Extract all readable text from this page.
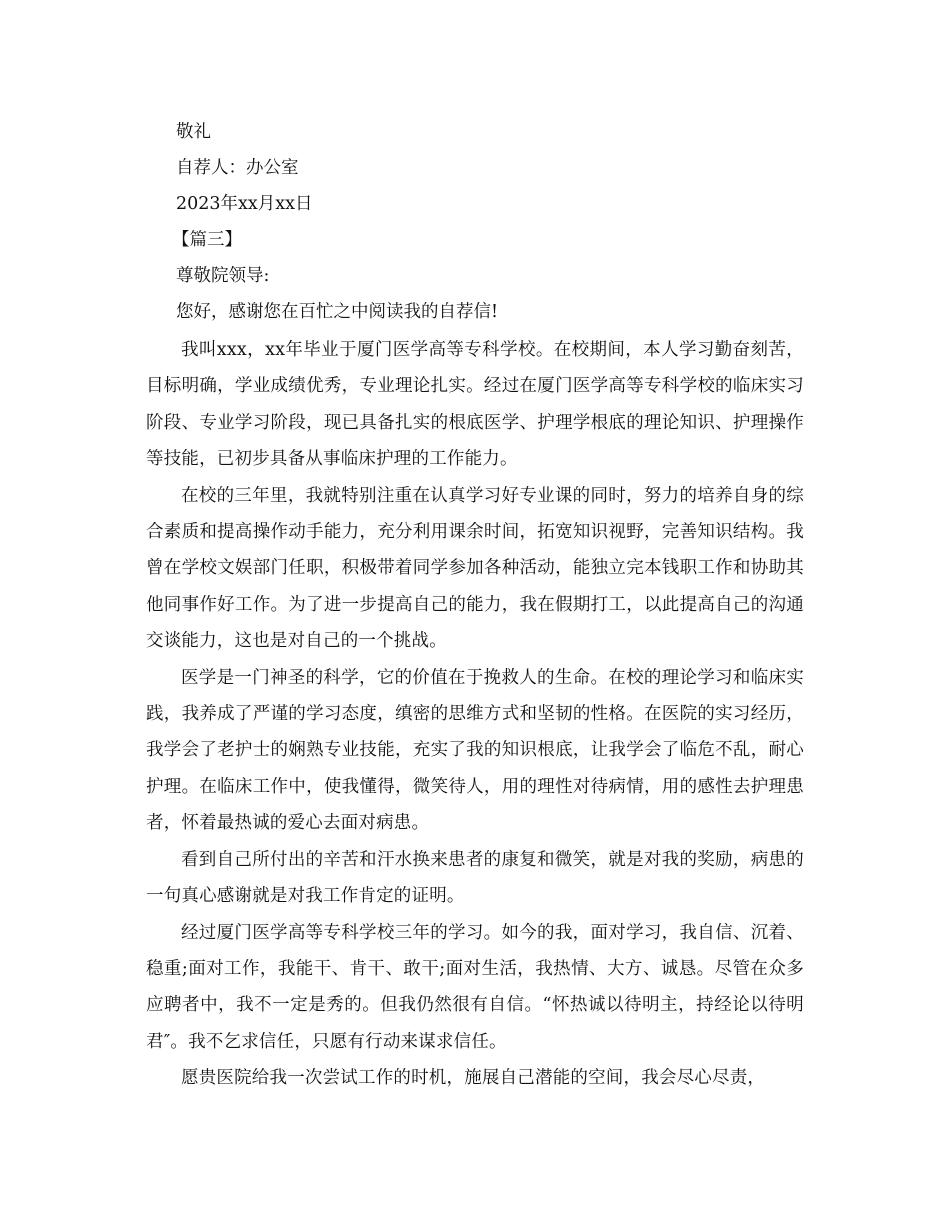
敬礼

自荐人：办公室

2023年xx月xx日

【篇三】

尊敬院领导:

您好，感谢您在百忙之中阅读我的自荐信!

我叫xxx，xx年毕业于厦门医学高等专科学校。在校期间，本人学习勤奋刻苦，目标明确，学业成绩优秀，专业理论扎实。经过在厦门医学高等专科学校的临床实习阶段、专业学习阶段，现已具备扎实的根底医学、护理学根底的理论知识、护理操作等技能，已初步具备从事临床护理的工作能力。

在校的三年里，我就特别注重在认真学习好专业课的同时，努力的培养自身的综合素质和提高操作动手能力，充分利用课余时间，拓宽知识视野，完善知识结构。我曾在学校文娱部门任职，积极带着同学参加各种活动，能独立完本钱职工作和协助其他同事作好工作。为了进一步提高自己的能力，我在假期打工，以此提高自己的沟通交谈能力，这也是对自己的一个挑战。

医学是一门神圣的科学，它的价值在于挽救人的生命。在校的理论学习和临床实践，我养成了严谨的学习态度，缜密的思维方式和坚韧的性格。在医院的实习经历，我学会了老护士的娴熟专业技能，充实了我的知识根底，让我学会了临危不乱，耐心护理。在临床工作中，使我懂得，微笑待人，用的理性对待病情，用的感性去护理患者，怀着最热诚的爱心去面对病患。

看到自己所付出的辛苦和汗水换来患者的康复和微笑，就是对我的奖励，病患的一句真心感谢就是对我工作肯定的证明。

经过厦门医学高等专科学校三年的学习。如今的我，面对学习，我自信、沉着、稳重;面对工作，我能干、肯干、敢干;面对生活，我热情、大方、诚恳。尽管在众多应聘者中，我不一定是秀的。但我仍然很有自信。“怀热诚以待明主，持经论以待明君″。我不乞求信任，只愿有行动来谋求信任。

愿贵医院给我一次尝试工作的时机，施展自己潜能的空间，我会尽心尽责，
